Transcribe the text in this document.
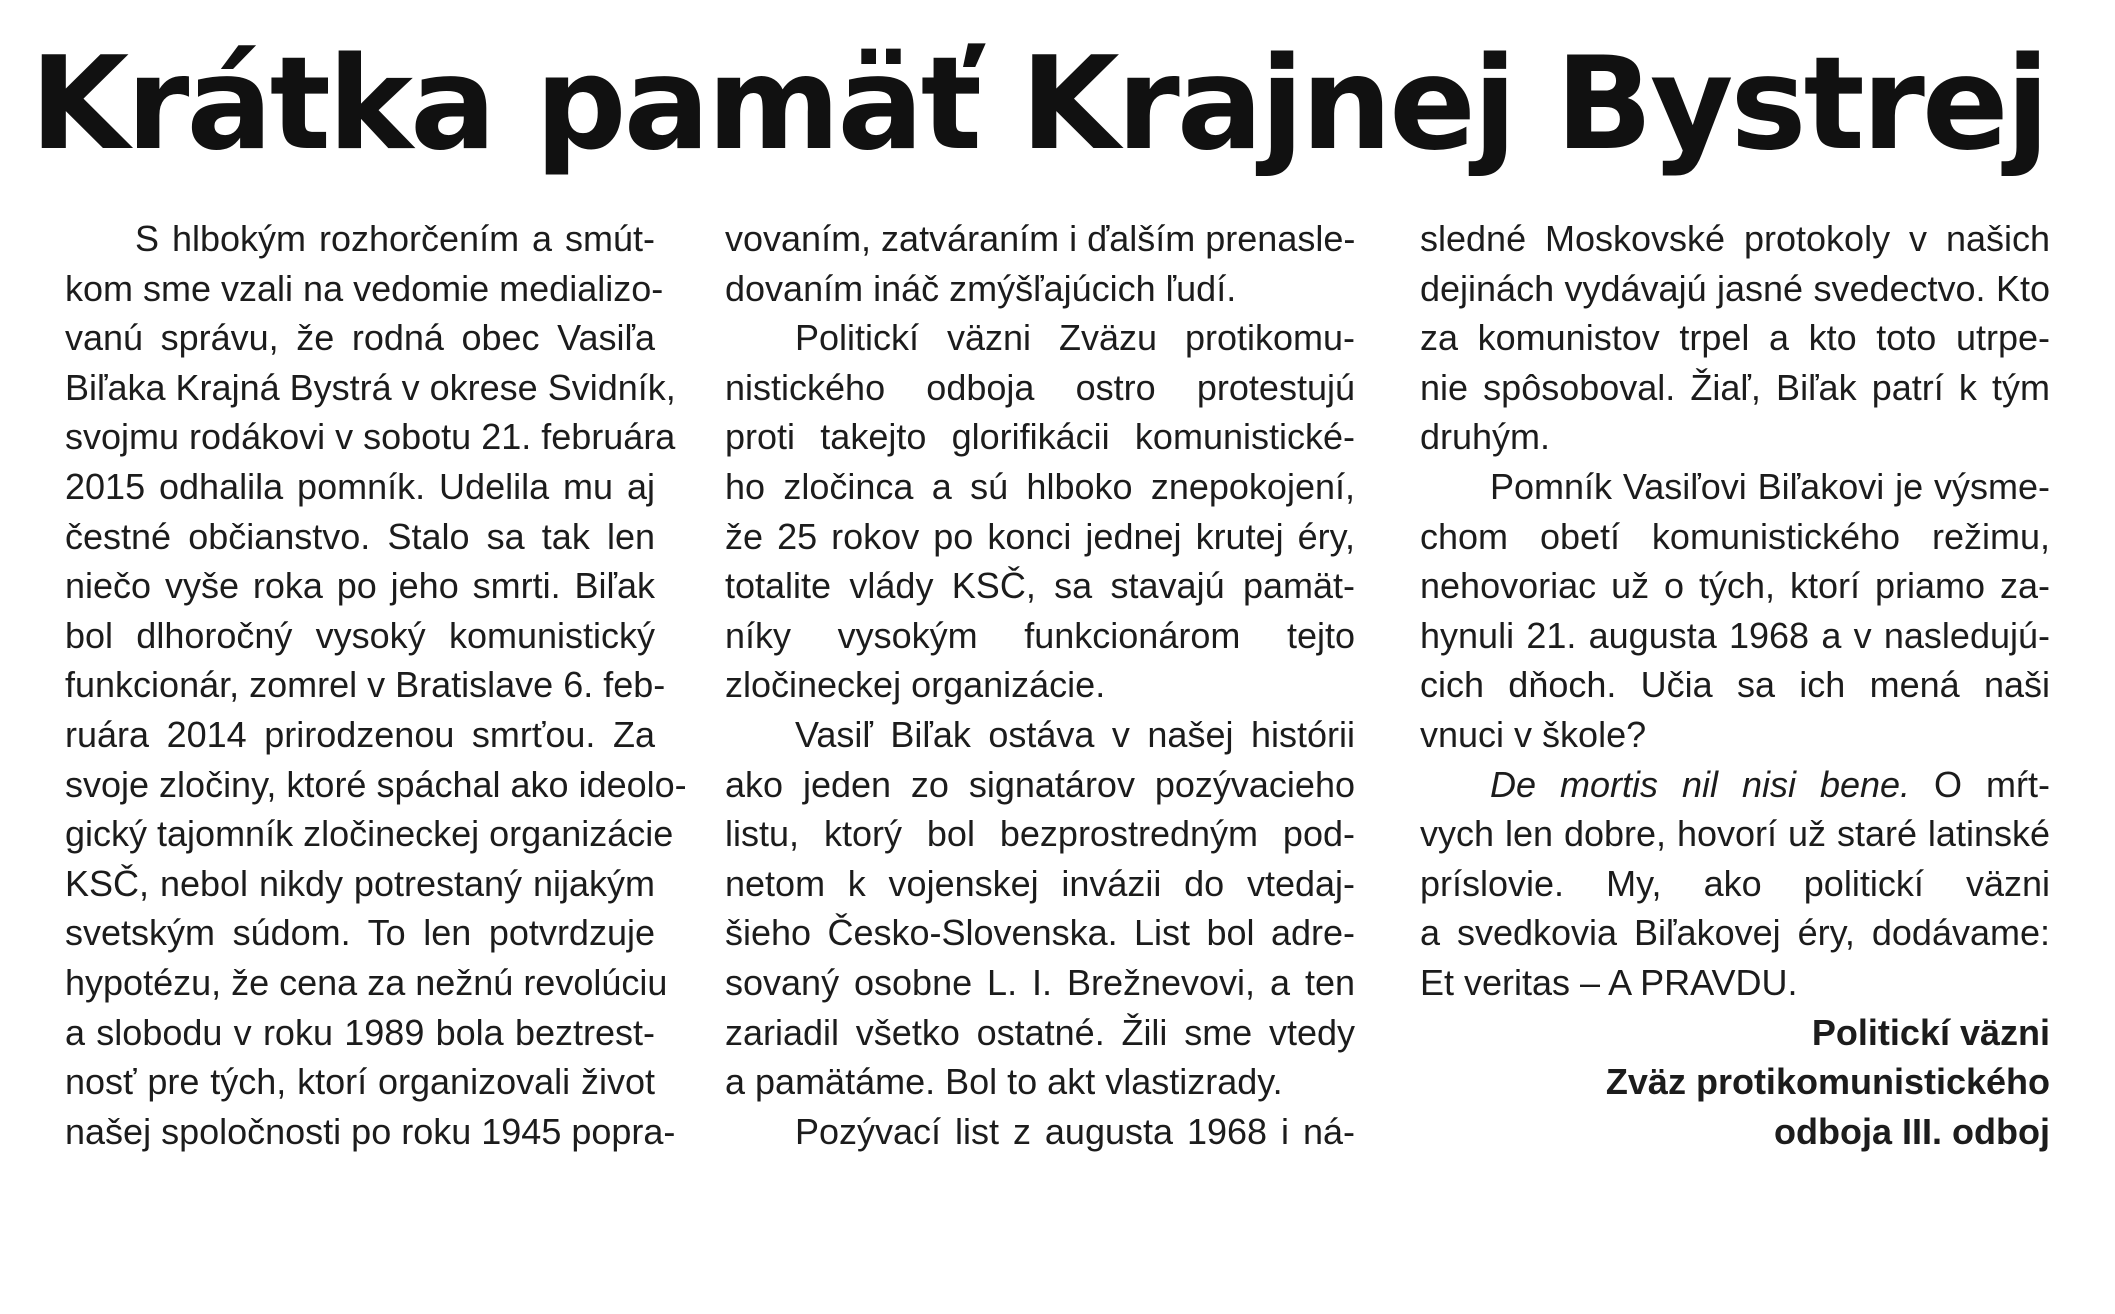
Krátka pamäť Krajnej Bystrej
S hlbokým rozhorčením a smút-
kom sme vzali na vedomie medializo-
vanú správu, že rodná obec Vasiľa
Biľaka Krajná Bystrá v okrese Svidník,
svojmu rodákovi v sobotu 21. februára
2015 odhalila pomník. Udelila mu aj
čestné občianstvo. Stalo sa tak len
niečo vyše roka po jeho smrti. Biľak
bol dlhoročný vysoký komunistický
funkcionár, zomrel v Bratislave 6. feb-
ruára 2014 prirodzenou smrťou. Za
svoje zločiny, ktoré spáchal ako ideolo-
gický tajomník zločineckej organizácie
KSČ, nebol nikdy potrestaný nijakým
svetským súdom. To len potvrdzuje
hypotézu, že cena za nežnú revolúciu
a slobodu v roku 1989 bola beztrest-
nosť pre tých, ktorí organizovali život
našej spoločnosti po roku 1945 popra-
vovaním, zatváraním i ďalším prenasle-
dovaním ináč zmýšľajúcich ľudí.
Politickí väzni Zväzu protikomu-
nistického odboja ostro protestujú
proti takejto glorifikácii komunistické-
ho zločinca a sú hlboko znepokojení,
že 25 rokov po konci jednej krutej éry,
totalite vlády KSČ, sa stavajú pamät-
níky vysokým funkcionárom tejto
zločineckej organizácie.
Vasiľ Biľak ostáva v našej histórii
ako jeden zo signatárov pozývacieho
listu, ktorý bol bezprostredným pod-
netom k vojenskej invázii do vtedaj-
šieho Česko-Slovenska. List bol adre-
sovaný osobne L. I. Brežnevovi, a ten
zariadil všetko ostatné. Žili sme vtedy
a pamätáme. Bol to akt vlastizrady.
Pozývací list z augusta 1968 i ná-
sledné Moskovské protokoly v našich
dejinách vydávajú jasné svedectvo. Kto
za komunistov trpel a kto toto utrpe-
nie spôsoboval. Žiaľ, Biľak patrí k tým
druhým.
Pomník Vasiľovi Biľakovi je výsme-
chom obetí komunistického režimu,
nehovoriac už o tých, ktorí priamo za-
hynuli 21. augusta 1968 a v nasledujú-
cich dňoch. Učia sa ich mená naši
vnuci v škole?
De mortis nil nisi bene. O mŕt-
vych len dobre, hovorí už staré latinské
príslovie. My, ako politickí väzni
a svedkovia Biľakovej éry, dodávame:
Et veritas – A PRAVDU.
Politickí väzni
Zväz protikomunistického
odboja III. odboj
